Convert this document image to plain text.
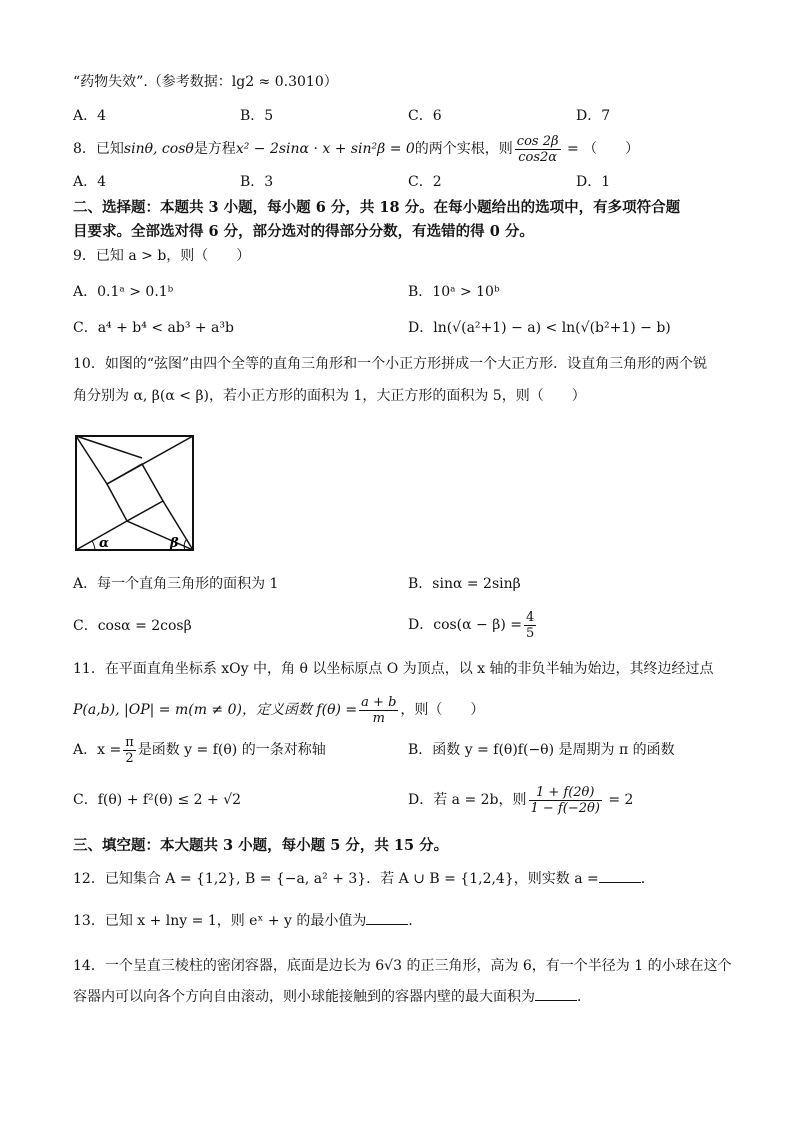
“药物失效”.（参考数据：lg2 ≈ 0.3010）
A．4	B．5	C．6	D．7
8．已知sinθ, cosθ是方程x² − 2sinα · x + sin²β = 0的两个实根，则 $\frac{\cos 2\beta}{\cos 2\alpha}$ = （　　）
A．4	B．3	C．2	D．1
二、选择题：本题共 3 小题，每小题 6 分，共 18 分。在每小题给出的选项中，有多项符合题
目要求。全部选对得 6 分，部分选对的得部分分数，有选错的得 0 分。
9．已知 a > b，则（　　）
A．0.1ᵃ > 0.1ᵇ	B．10ᵃ > 10ᵇ
C．a⁴ + b⁴ < ab³ + a³b	D．ln(√(a²+1) − a) < ln(√(b²+1) − b)
10．如图的“弦图”由四个全等的直角三角形和一个小正方形拼成一个大正方形．设直角三角形的两个锐
角分别为 α, β(α < β)，若小正方形的面积为 1，大正方形的面积为 5，则（　　）
α	β
A．每一个直角三角形的面积为 1	B．sinα = 2sinβ
C．cosα = 2cosβ	D．$\cos(\alpha - \beta) = \frac{4}{5}$
11．在平面直角坐标系 xOy 中，角 θ 以坐标原点 O 为顶点，以 x 轴的非负半轴为始边，其终边经过点
P(a,b), |OP| = m(m ≠ 0)，定义函数 $f(\theta) = \frac{a + b}{m}$ ，则（　　）
A．$x = \frac{\pi}{2}$ 是函数 y = f(θ) 的一条对称轴	B．函数 y = f(θ)f(−θ) 是周期为 π 的函数
C．f(θ) + f²(θ) ≤ 2 + √2	D．若 a = 2b，则 $\frac{1 + f(2\theta)}{1 - f(-2\theta)} = 2$
三、填空题：本大题共 3 小题，每小题 5 分，共 15 分。
12．已知集合 A = {1,2}, B = {−a, a² + 3}．若 A ∪ B = {1,2,4}，则实数 a =	．
13．已知 x + lny = 1，则 eˣ + y 的最小值为	．
14．一个呈直三棱柱的密闭容器，底面是边长为 6√3 的正三角形，高为 6，有一个半径为 1 的小球在这个
容器内可以向各个方向自由滚动，则小球能接触到的容器内壁的最大面积为	．
